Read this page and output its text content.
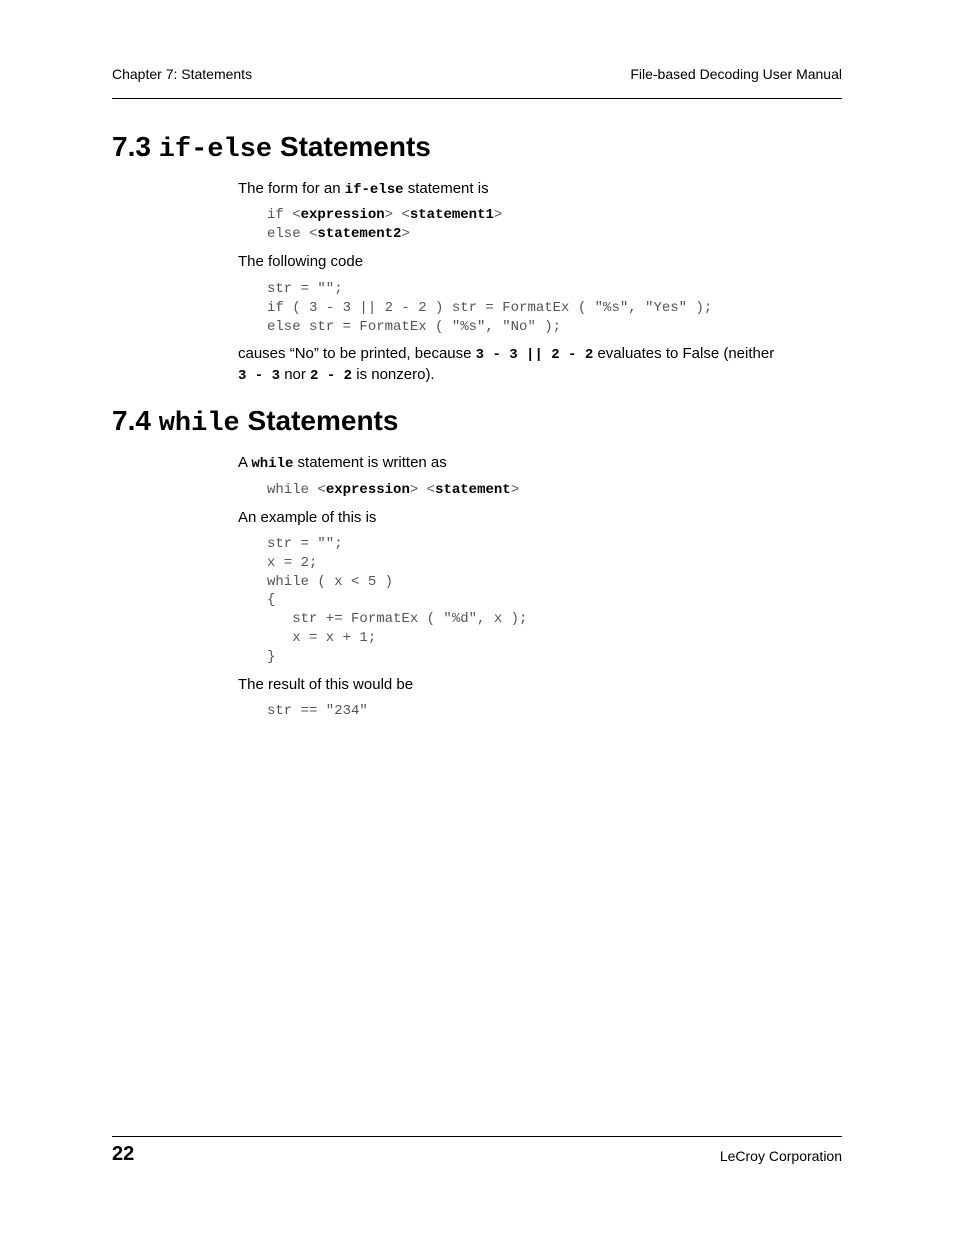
Chapter 7: Statements	File-based Decoding User Manual
7.3 if-else Statements

The form for an if-else statement is

if <expression> <statement1>
else <statement2>

The following code

str = "";
if ( 3 - 3 || 2 - 2 ) str = FormatEx ( "%s", "Yes" );
else str = FormatEx ( "%s", "No" );

causes “No” to be printed, because 3 - 3 || 2 - 2 evaluates to False (neither
3 - 3 nor 2 - 2 is nonzero).

7.4 while Statements

A while statement is written as

while <expression> <statement>

An example of this is

str = "";
x = 2;
while ( x < 5 )
{
str += FormatEx ( "%d", x );
x = x + 1;
}

The result of this would be

str == "234"
22	LeCroy Corporation
